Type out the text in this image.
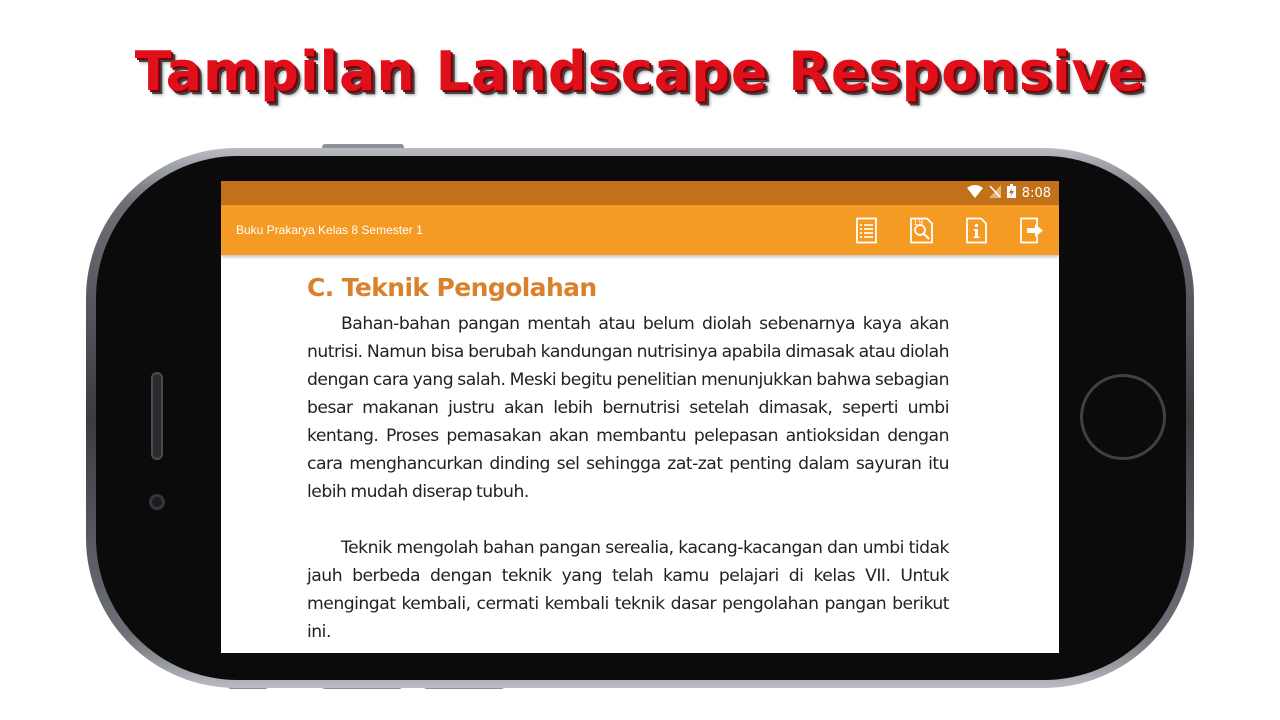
Tampilan Landscape Responsive
8:08
Buku Prakarya Kelas 8 Semester 1
19
C. Teknik Pengolahan

Bahan-bahan pangan mentah atau belum diolah sebenarnya kaya akan nutrisi. Namun bisa berubah kandungan nutrisinya apabila dimasak atau diolah dengan cara yang salah. Meski begitu penelitian menunjukkan bahwa sebagian besar makanan justru akan lebih bernutrisi setelah dimasak, seperti umbi kentang. Proses pemasakan akan membantu pelepasan antioksidan dengan cara menghancurkan dinding sel sehingga zat-zat penting dalam sayuran itu lebih mudah diserap tubuh.

Teknik mengolah bahan pangan serealia, kacang-kacangan dan umbi tidak jauh berbeda dengan teknik yang telah kamu pelajari di kelas VII. Untuk mengingat kembali, cermati kembali teknik dasar pengolahan pangan berikut ini.
